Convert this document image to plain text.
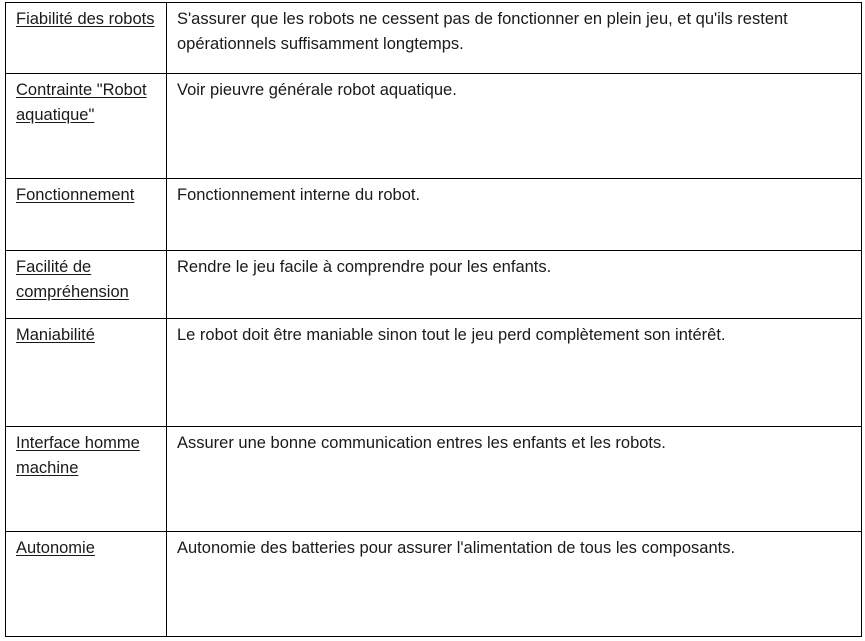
Fiabilité des robots	S'assurer que les robots ne cessent pas de fonctionner en plein jeu, et qu'ils restent opérationnels suffisamment longtemps.
Contrainte "Robot aquatique"	Voir pieuvre générale robot aquatique.
Fonctionnement	Fonctionnement interne du robot.
Facilité de compréhension	Rendre le jeu facile à comprendre pour les enfants.
Maniabilité	Le robot doit être maniable sinon tout le jeu perd complètement son intérêt.
Interface homme machine	Assurer une bonne communication entres les enfants et les robots.
Autonomie	Autonomie des batteries pour assurer l'alimentation de tous les composants.
